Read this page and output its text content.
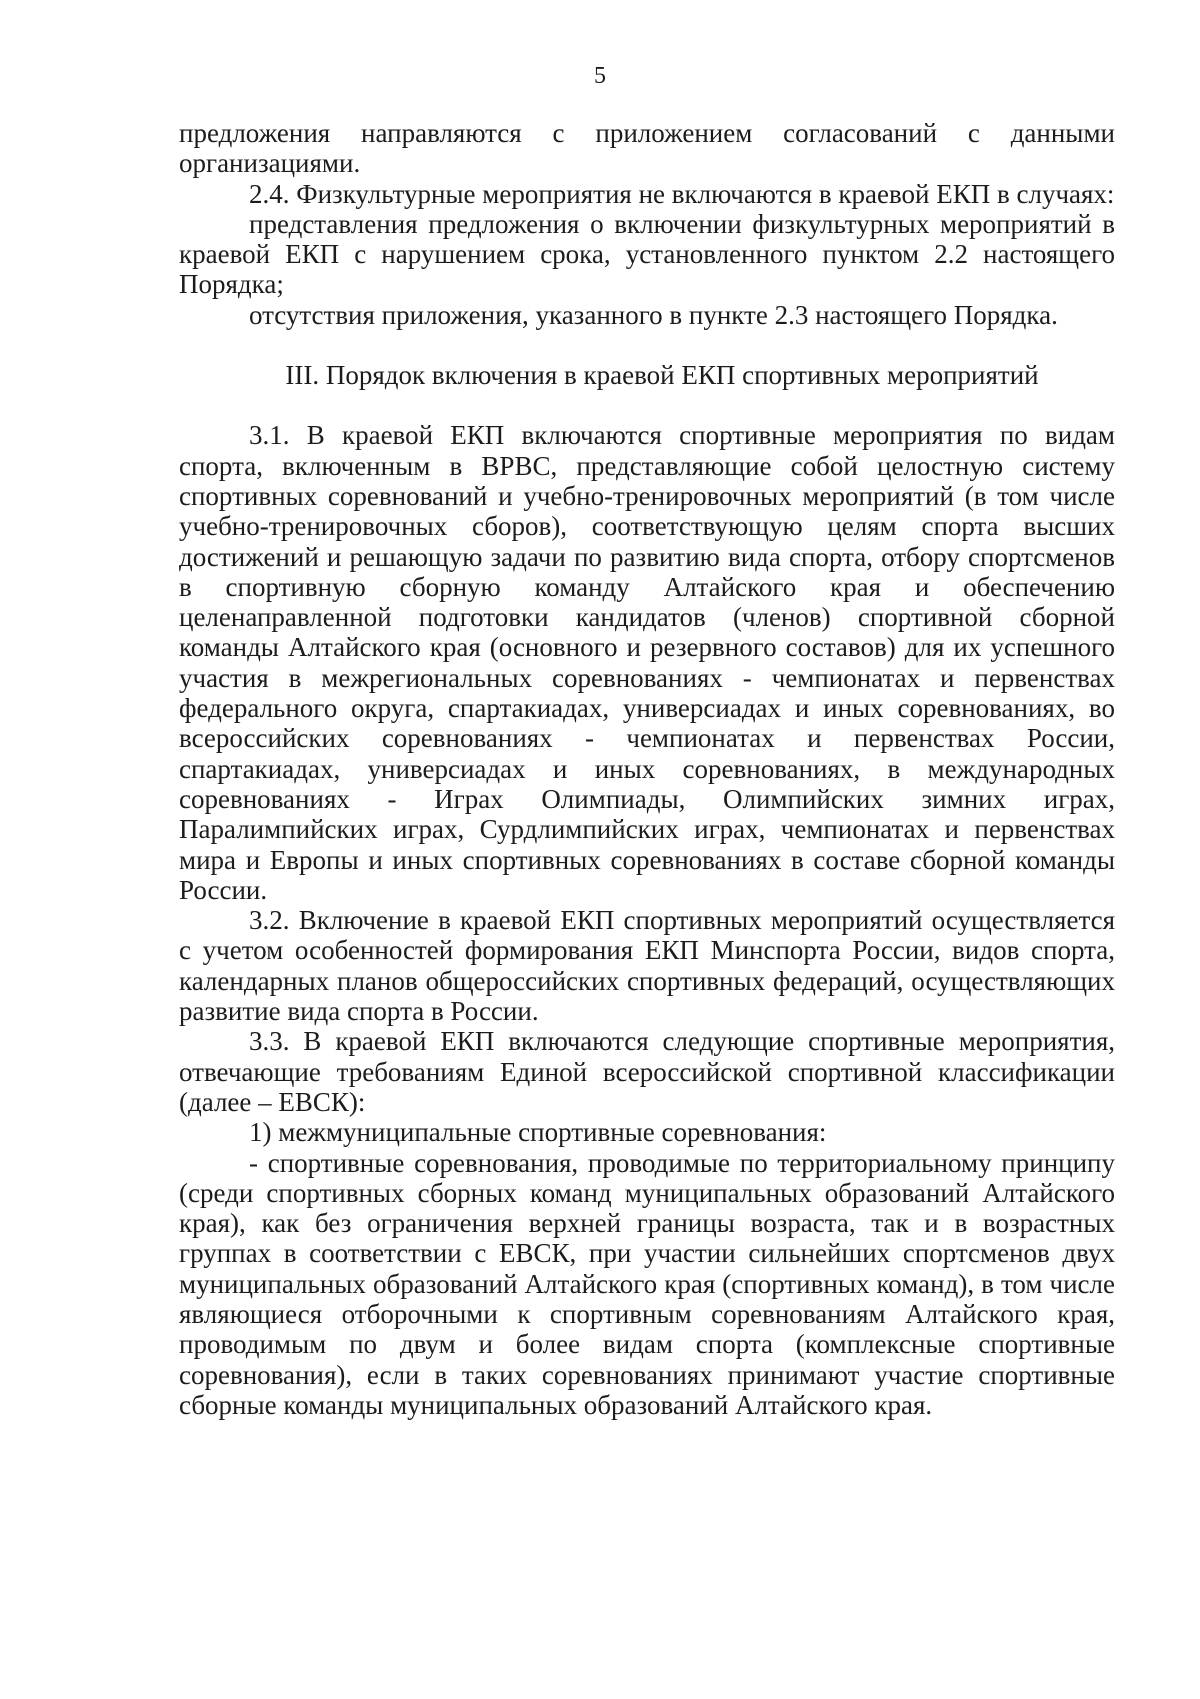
5

предложения направляются с приложением согласований с данными организациями.

2.4. Физкультурные мероприятия не включаются в краевой ЕКП в случаях:

представления предложения о включении физкультурных мероприятий в краевой ЕКП с нарушением срока, установленного пунктом 2.2 настоящего Порядка;

отсутствия приложения, указанного в пункте 2.3 настоящего Порядка.

III. Порядок включения в краевой ЕКП спортивных мероприятий

3.1. В краевой ЕКП включаются спортивные мероприятия по видам спорта, включенным в ВРВС, представляющие собой целостную систему спортивных соревнований и учебно-тренировочных мероприятий (в том числе учебно-тренировочных сборов), соответствующую целям спорта высших достижений и решающую задачи по развитию вида спорта, отбору спортсменов в спортивную сборную команду Алтайского края и обеспечению целенаправленной подготовки кандидатов (членов) спортивной сборной команды Алтайского края (основного и резервного составов) для их успешного участия в межрегиональных соревнованиях - чемпионатах и первенствах федерального округа, спартакиадах, универсиадах и иных соревнованиях, во всероссийских соревнованиях - чемпионатах и первенствах России, спартакиадах, универсиадах и иных соревнованиях, в международных соревнованиях - Играх Олимпиады, Олимпийских зимних играх, Паралимпийских играх, Сурдлимпийских играх, чемпионатах и первенствах мира и Европы и иных спортивных соревнованиях в составе сборной команды России.

3.2. Включение в краевой ЕКП спортивных мероприятий осуществляется с учетом особенностей формирования ЕКП Минспорта России, видов спорта, календарных планов общероссийских спортивных федераций, осуществляющих развитие вида спорта в России.

3.3. В краевой ЕКП включаются следующие спортивные мероприятия, отвечающие требованиям Единой всероссийской спортивной классификации (далее – ЕВСК):

1) межмуниципальные спортивные соревнования:

- спортивные соревнования, проводимые по территориальному принципу (среди спортивных сборных команд муниципальных образований Алтайского края), как без ограничения верхней границы возраста, так и в возрастных группах в соответствии с ЕВСК, при участии сильнейших спортсменов двух муниципальных образований Алтайского края (спортивных команд), в том числе являющиеся отборочными к спортивным соревнованиям Алтайского края, проводимым по двум и более видам спорта (комплексные спортивные соревнования), если в таких соревнованиях принимают участие спортивные сборные команды муниципальных образований Алтайского края.
